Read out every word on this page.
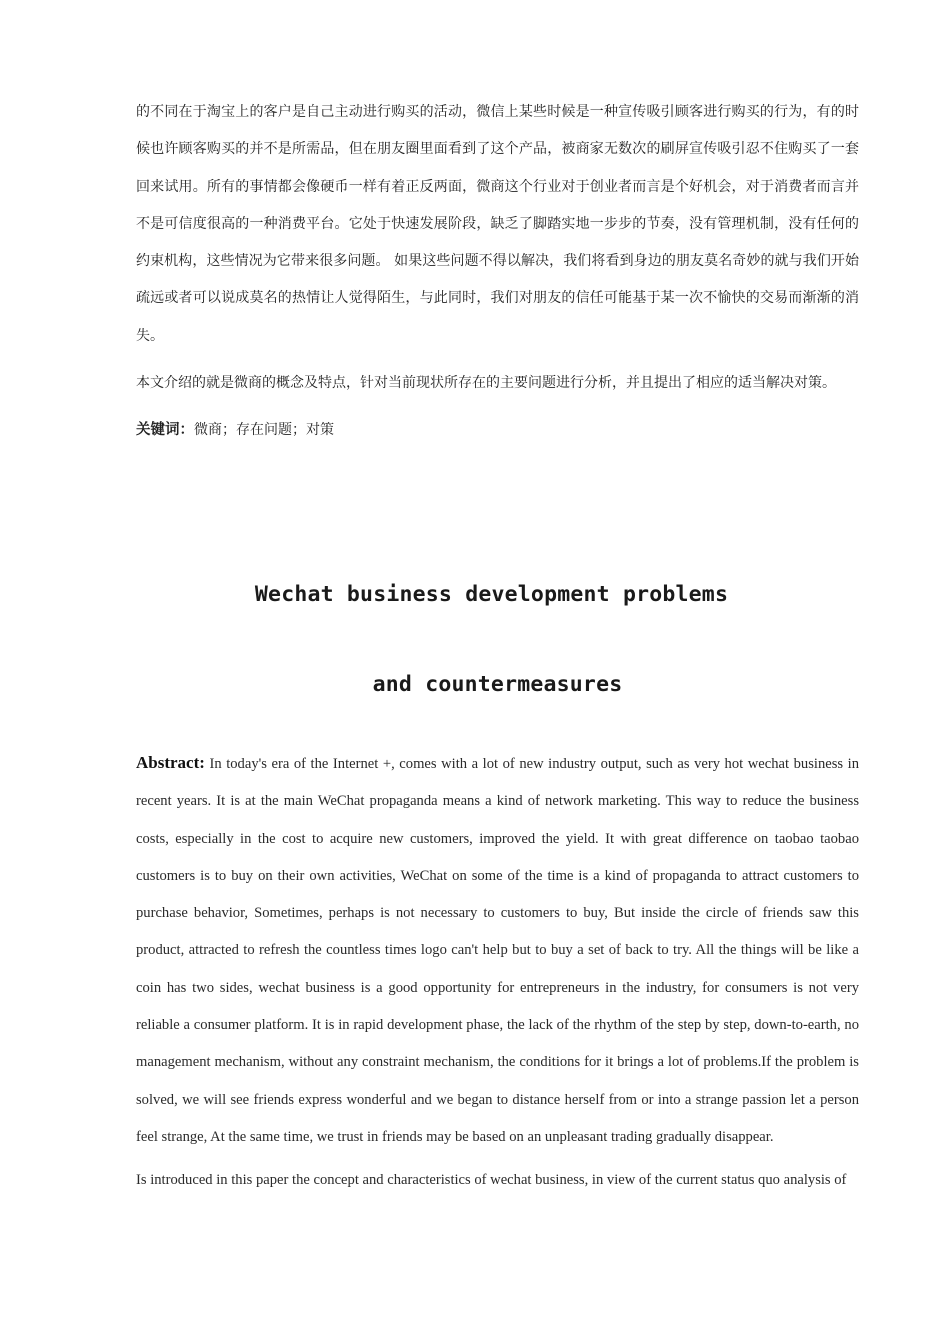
的不同在于淘宝上的客户是自己主动进行购买的活动，微信上某些时候是一种宣传吸引顾客进行购买的行为，有的时候也许顾客购买的并不是所需品，但在朋友圈里面看到了这个产品，被商家无数次的刷屏宣传吸引忍不住购买了一套回来试用。所有的事情都会像硬币一样有着正反两面，微商这个行业对于创业者而言是个好机会，对于消费者而言并不是可信度很高的一种消费平台。它处于快速发展阶段，缺乏了脚踏实地一步步的节奏，没有管理机制，没有任何的约束机构，这些情况为它带来很多问题。 如果这些问题不得以解决，我们将看到身边的朋友莫名奇妙的就与我们开始疏远或者可以说成莫名的热情让人觉得陌生，与此同时，我们对朋友的信任可能基于某一次不愉快的交易而渐渐的消失。

本文介绍的就是微商的概念及特点，针对当前现状所存在的主要问题进行分析，并且提出了相应的适当解决对策。

关键词：微商；存在问题；对策

Wechat business development problems
and countermeasures

Abstract: In today's era of the Internet +, comes with a lot of new industry output, such as very hot wechat business in recent years. It is at the main WeChat propaganda means a kind of network marketing. This way to reduce the business costs, especially in the cost to acquire new customers, improved the yield. It with great difference on taobao taobao customers is to buy on their own activities, WeChat on some of the time is a kind of propaganda to attract customers to purchase behavior, Sometimes, perhaps is not necessary to customers to buy, But inside the circle of friends saw this product, attracted to refresh the countless times logo can't help but to buy a set of back to try. All the things will be like a coin has two sides, wechat business is a good opportunity for entrepreneurs in the industry, for consumers is not very reliable a consumer platform. It is in rapid development phase, the lack of the rhythm of the step by step, down-to-earth, no management mechanism, without any constraint mechanism, the conditions for it brings a lot of problems.If the problem is solved, we will see friends express wonderful and we began to distance herself from or into a strange passion let a person feel strange, At the same time, we trust in friends may be based on an unpleasant trading gradually disappear.

Is introduced in this paper the concept and characteristics of wechat business, in view of the current status quo analysis of
